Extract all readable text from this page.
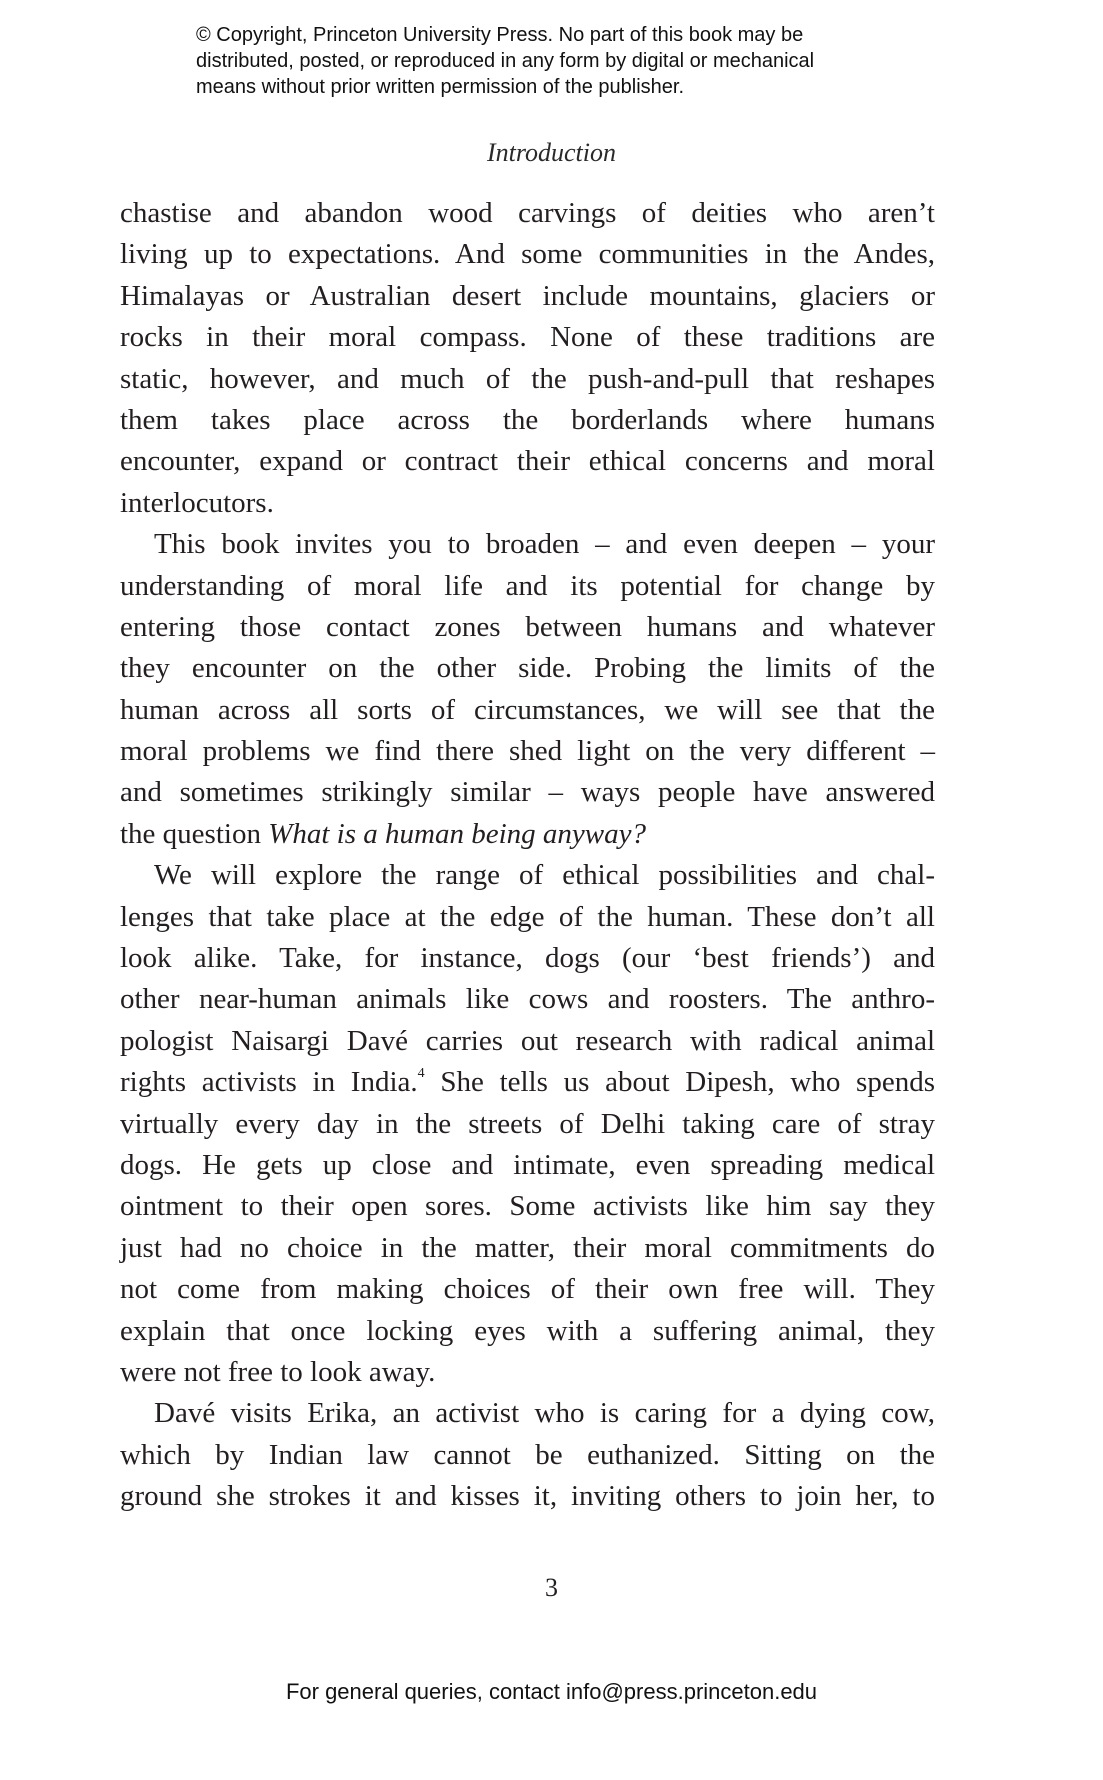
© Copyright, Princeton University Press. No part of this book may be
distributed, posted, or reproduced in any form by digital or mechanical
means without prior written permission of the publisher.
Introduction
chastise and abandon wood carvings of deities who aren’t
living up to expectations. And some communities in the Andes,
Himalayas or Australian desert include mountains, glaciers or
rocks in their moral compass. None of these traditions are
static, however, and much of the push-and-pull that reshapes
them takes place across the borderlands where humans
encounter, expand or contract their ethical concerns and moral
interlocutors.
This book invites you to broaden – and even deepen – your
understanding of moral life and its potential for change by
entering those contact zones between humans and whatever
they encounter on the other side. Probing the limits of the
human across all sorts of circumstances, we will see that the
moral problems we find there shed light on the very different –
and sometimes strikingly similar – ways people have answered
the question What is a human being anyway?
We will explore the range of ethical possibilities and chal-
lenges that take place at the edge of the human. These don’t all
look alike. Take, for instance, dogs (our ‘best friends’) and
other near-human animals like cows and roosters. The anthro-
pologist Naisargi Davé carries out research with radical animal
rights activists in India.$^4$ She tells us about Dipesh, who spends
virtually every day in the streets of Delhi taking care of stray
dogs. He gets up close and intimate, even spreading medical
ointment to their open sores. Some activists like him say they
just had no choice in the matter, their moral commitments do
not come from making choices of their own free will. They
explain that once locking eyes with a suffering animal, they
were not free to look away.
Davé visits Erika, an activist who is caring for a dying cow,
which by Indian law cannot be euthanized. Sitting on the
ground she strokes it and kisses it, inviting others to join her, to
3
For general queries, contact info@press.princeton.edu
